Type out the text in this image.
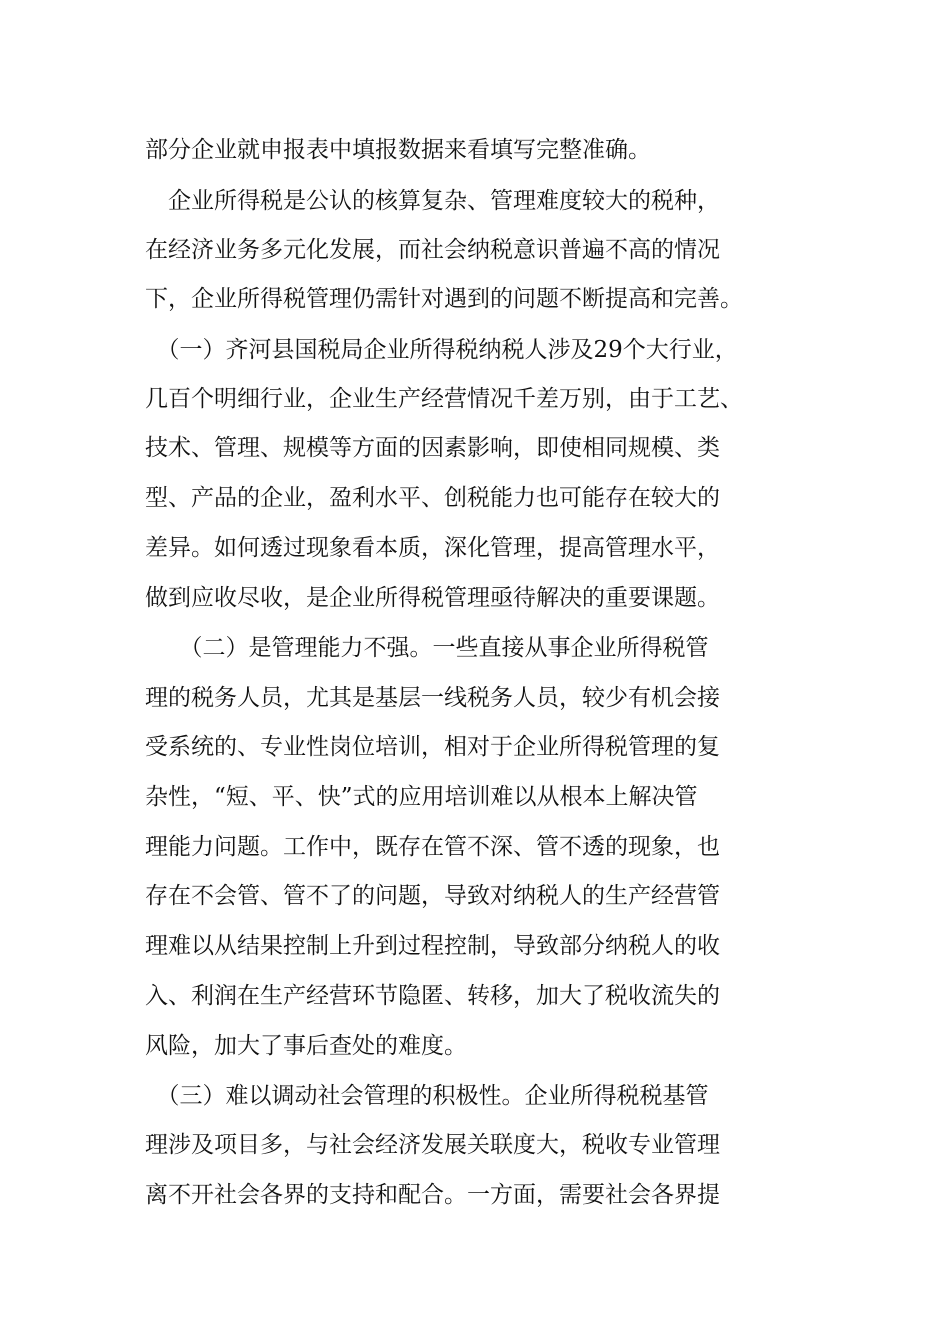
部分企业就申报表中填报数据来看填写完整准确。
　企业所得税是公认的核算复杂、管理难度较大的税种，
在经济业务多元化发展，而社会纳税意识普遍不高的情况
下，企业所得税管理仍需针对遇到的问题不断提高和完善。
　（一）齐河县国税局企业所得税纳税人涉及29个大行业，
几百个明细行业，企业生产经营情况千差万别，由于工艺、
技术、管理、规模等方面的因素影响，即使相同规模、类
型、产品的企业，盈利水平、创税能力也可能存在较大的
差异。如何透过现象看本质，深化管理，提高管理水平，
做到应收尽收，是企业所得税管理亟待解决的重要课题。
　　（二）是管理能力不强。一些直接从事企业所得税管
理的税务人员，尤其是基层一线税务人员，较少有机会接
受系统的、专业性岗位培训，相对于企业所得税管理的复
杂性，“短、平、快”式的应用培训难以从根本上解决管
理能力问题。工作中，既存在管不深、管不透的现象，也
存在不会管、管不了的问题，导致对纳税人的生产经营管
理难以从结果控制上升到过程控制，导致部分纳税人的收
入、利润在生产经营环节隐匿、转移，加大了税收流失的
风险，加大了事后查处的难度。
　（三）难以调动社会管理的积极性。企业所得税税基管
理涉及项目多，与社会经济发展关联度大，税收专业管理
离不开社会各界的支持和配合。一方面，需要社会各界提
